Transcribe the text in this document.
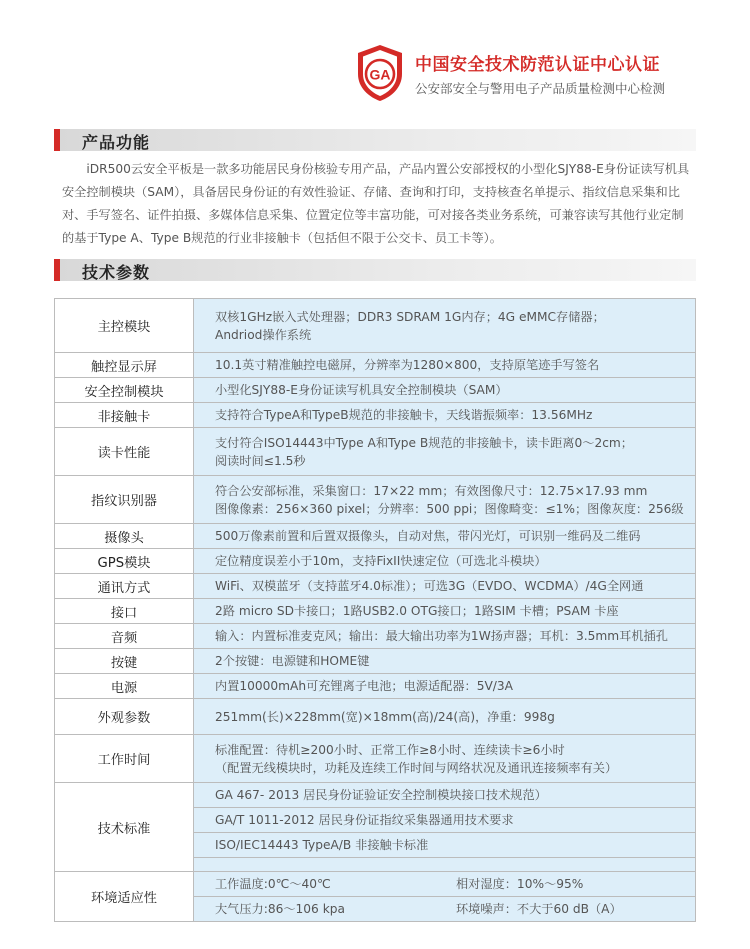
GA 中国安全技术防范认证中心认证
公安部安全与警用电子产品质量检测中心检测
产品功能
iDR500云安全平板是一款多功能居民身份核验专用产品，产品内置公安部授权的小型化SJY88-E身份证读写机具安全控制模块（SAM），具备居民身份证的有效性验证、存储、查询和打印，支持核查名单提示、指纹信息采集和比对、手写签名、证件拍摄、多媒体信息采集、位置定位等丰富功能，可对接各类业务系统，可兼容读写其他行业定制的基于Type A、Type B规范的行业非接触卡（包括但不限于公交卡、员工卡等）。
技术参数
主控模块	双核1GHz嵌入式处理器；DDR3 SDRAM 1G内存；4G eMMC存储器；
Andriod操作系统	

触控显示屏	10.1英寸精准触控电磁屏，分辨率为1280×800，支持原笔迹手写签名	

安全控制模块	小型化SJY88-E身份证读写机具安全控制模块（SAM）	

非接触卡	支持符合TypeA和TypeB规范的非接触卡，天线谐振频率：13.56MHz	

读卡性能	支付符合ISO14443中Type A和Type B规范的非接触卡，读卡距离0～2cm；
阅读时间≤1.5秒	

指纹识别器	符合公安部标准，采集窗口：17×22 mm；有效图像尺寸：12.75×17.93 mm
图像像素：256×360 pixel；分辨率：500 ppi；图像畸变：≤1%；图像灰度：256级	

摄像头	500万像素前置和后置双摄像头，自动对焦，带闪光灯，可识别一维码及二维码	

GPS模块	定位精度误差小于10m，支持FixII快速定位（可选北斗模块）	

通讯方式	WiFi、双模蓝牙（支持蓝牙4.0标准）；可选3G（EVDO、WCDMA）/4G全网通	

接口	2路 micro SD卡接口；1路USB2.0 OTG接口；1路SIM 卡槽；PSAM 卡座	

音频	输入：内置标准麦克风；输出：最大输出功率为1W扬声器；耳机：3.5mm耳机插孔	

按键	2个按键：电源键和HOME键	

电源	内置10000mAh可充锂离子电池；电源适配器：5V/3A	

外观参数	251mm(长)×228mm(宽)×18mm(高)/24(高)，净重：998g	

工作时间	标准配置：待机≥200小时、正常工作≥8小时、连续读卡≥6小时
（配置无线模块时，功耗及连续工作时间与网络状况及通讯连接频率有关）	

技术标准	GA 467- 2013 居民身份证验证安全控制模块接口技术规范）	

	GA/T 1011-2012 居民身份证指纹采集器通用技术要求	

	ISO/IEC14443 TypeA/B 非接触卡标准	

环境适应性	工作温度:0℃～40℃	相对湿度：10%～95%

	大气压力:86～106 kpa	环境噪声：不大于60 dB（A）
